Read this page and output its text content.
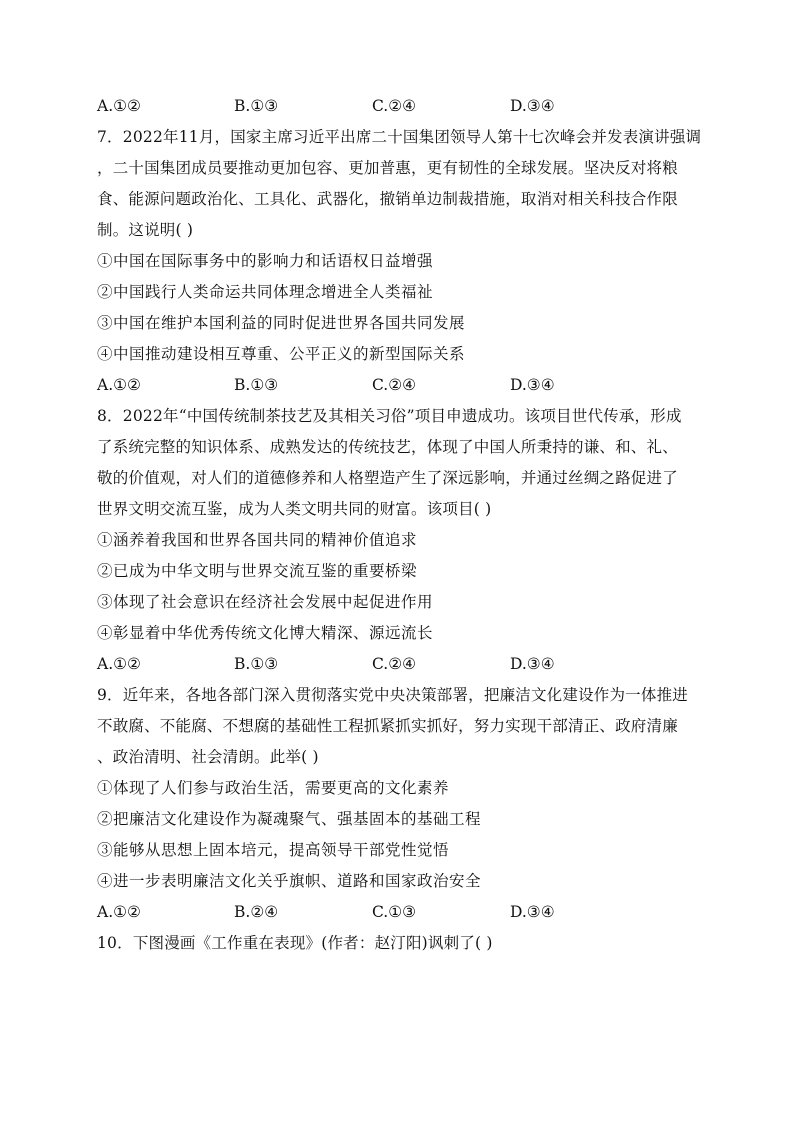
A.①②	B.①③	C.②④	D.③④
7．2022年11月，国家主席习近平出席二十国集团领导人第十七次峰会并发表演讲强调
，二十国集团成员要推动更加包容、更加普惠，更有韧性的全球发展。坚决反对将粮
食、能源问题政治化、工具化、武器化，撤销单边制裁措施，取消对相关科技合作限
制。这说明( )
①中国在国际事务中的影响力和话语权日益增强
②中国践行人类命运共同体理念增进全人类福祉
③中国在维护本国利益的同时促进世界各国共同发展
④中国推动建设相互尊重、公平正义的新型国际关系
A.①②	B.①③	C.②④	D.③④
8．2022年“中国传统制茶技艺及其相关习俗”项目申遗成功。该项目世代传承，形成
了系统完整的知识体系、成熟发达的传统技艺，体现了中国人所秉持的谦、和、礼、
敬的价值观，对人们的道德修养和人格塑造产生了深远影响，并通过丝绸之路促进了
世界文明交流互鉴，成为人类文明共同的财富。该项目( )
①涵养着我国和世界各国共同的精神价值追求
②已成为中华文明与世界交流互鉴的重要桥梁
③体现了社会意识在经济社会发展中起促进作用
④彰显着中华优秀传统文化博大精深、源远流长
A.①②	B.①③	C.②④	D.③④
9．近年来，各地各部门深入贯彻落实党中央决策部署，把廉洁文化建设作为一体推进
不敢腐、不能腐、不想腐的基础性工程抓紧抓实抓好，努力实现干部清正、政府清廉
、政治清明、社会清朗。此举( )
①体现了人们参与政治生活，需要更高的文化素养
②把廉洁文化建设作为凝魂聚气、强基固本的基础工程
③能够从思想上固本培元，提高领导干部党性觉悟
④进一步表明廉洁文化关乎旗帜、道路和国家政治安全
A.①②	B.②④	C.①③	D.③④
10．下图漫画《工作重在表现》(作者：赵汀阳)讽刺了( )
